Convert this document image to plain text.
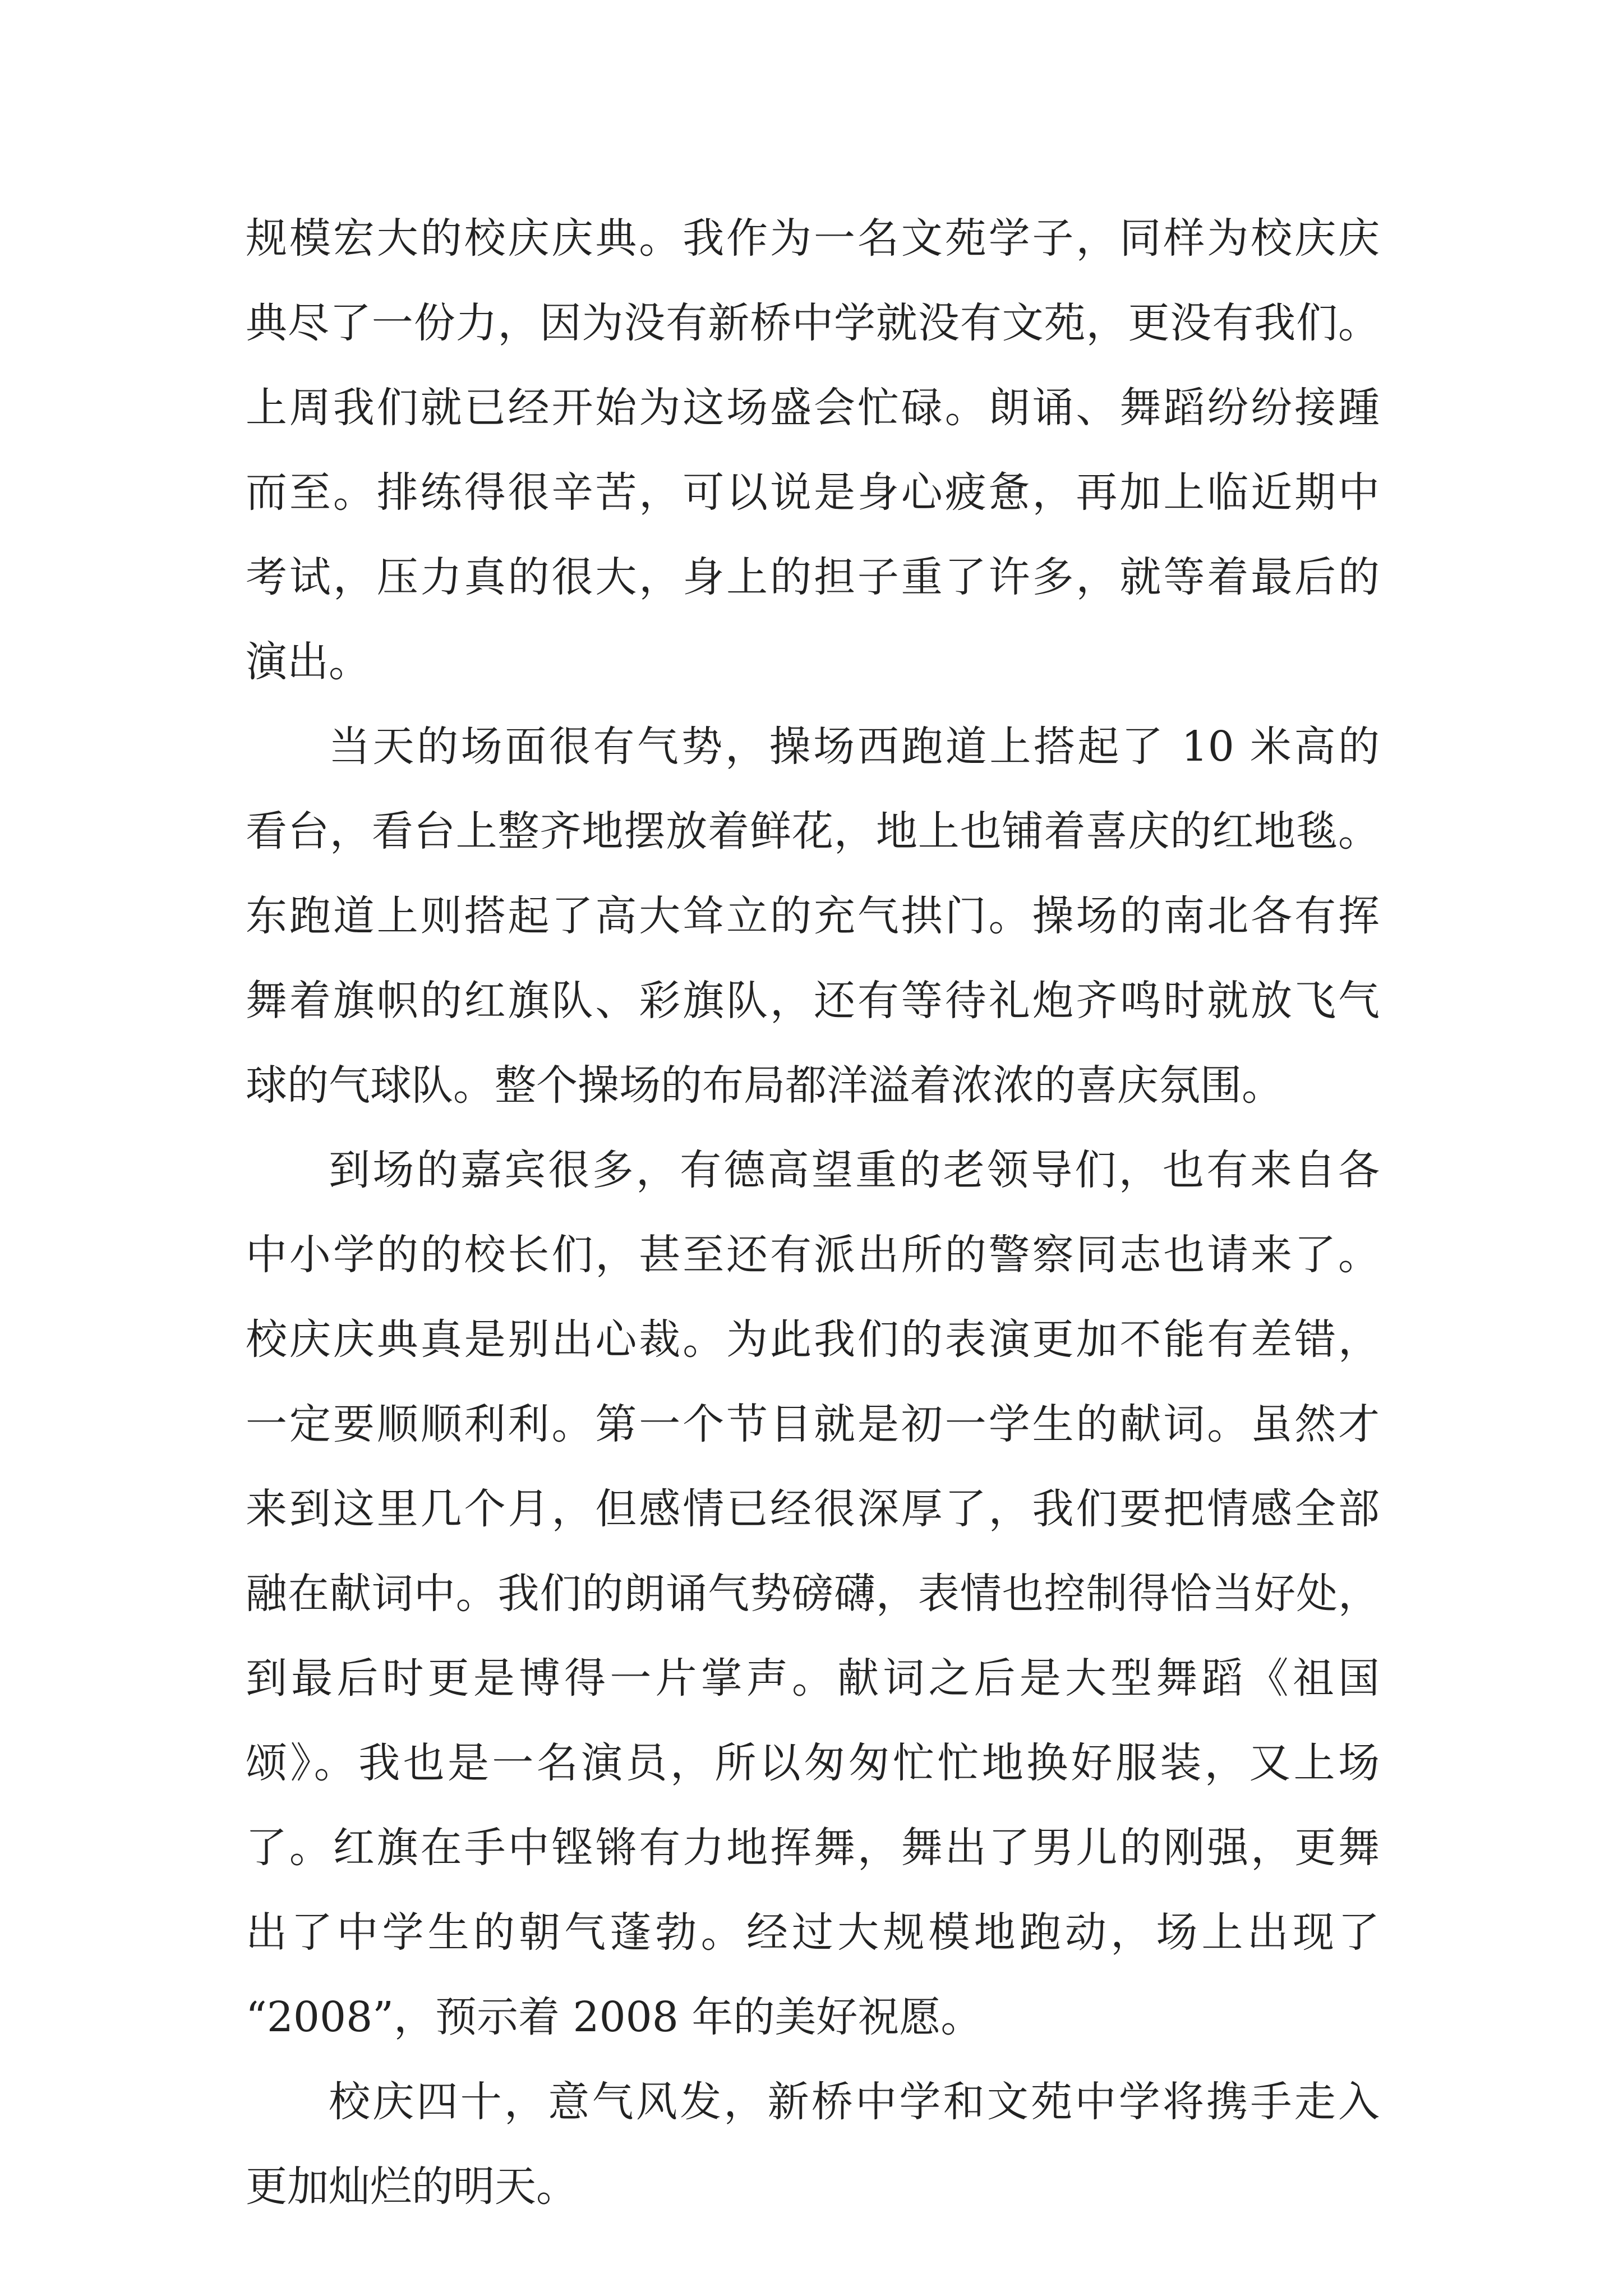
规模宏大的校庆庆典。我作为一名文苑学子，同样为校庆庆
典尽了一份力，因为没有新桥中学就没有文苑，更没有我们。
上周我们就已经开始为这场盛会忙碌。朗诵、舞蹈纷纷接踵
而至。排练得很辛苦，可以说是身心疲惫，再加上临近期中
考试，压力真的很大，身上的担子重了许多，就等着最后的
演出。
当天的场面很有气势，操场西跑道上搭起了 10 米高的
看台，看台上整齐地摆放着鲜花，地上也铺着喜庆的红地毯。
东跑道上则搭起了高大耸立的充气拱门。操场的南北各有挥
舞着旗帜的红旗队、彩旗队，还有等待礼炮齐鸣时就放飞气
球的气球队。整个操场的布局都洋溢着浓浓的喜庆氛围。
到场的嘉宾很多，有德高望重的老领导们，也有来自各
中小学的的校长们，甚至还有派出所的警察同志也请来了。
校庆庆典真是别出心裁。为此我们的表演更加不能有差错，
一定要顺顺利利。第一个节目就是初一学生的献词。虽然才
来到这里几个月，但感情已经很深厚了，我们要把情感全部
融在献词中。我们的朗诵气势磅礴，表情也控制得恰当好处，
到最后时更是博得一片掌声。献词之后是大型舞蹈《祖国
颂》。我也是一名演员，所以匆匆忙忙地换好服装，又上场
了。红旗在手中铿锵有力地挥舞，舞出了男儿的刚强，更舞
出了中学生的朝气蓬勃。经过大规模地跑动，场上出现了
“2008”，预示着 2008 年的美好祝愿。
校庆四十，意气风发，新桥中学和文苑中学将携手走入
更加灿烂的明天。
